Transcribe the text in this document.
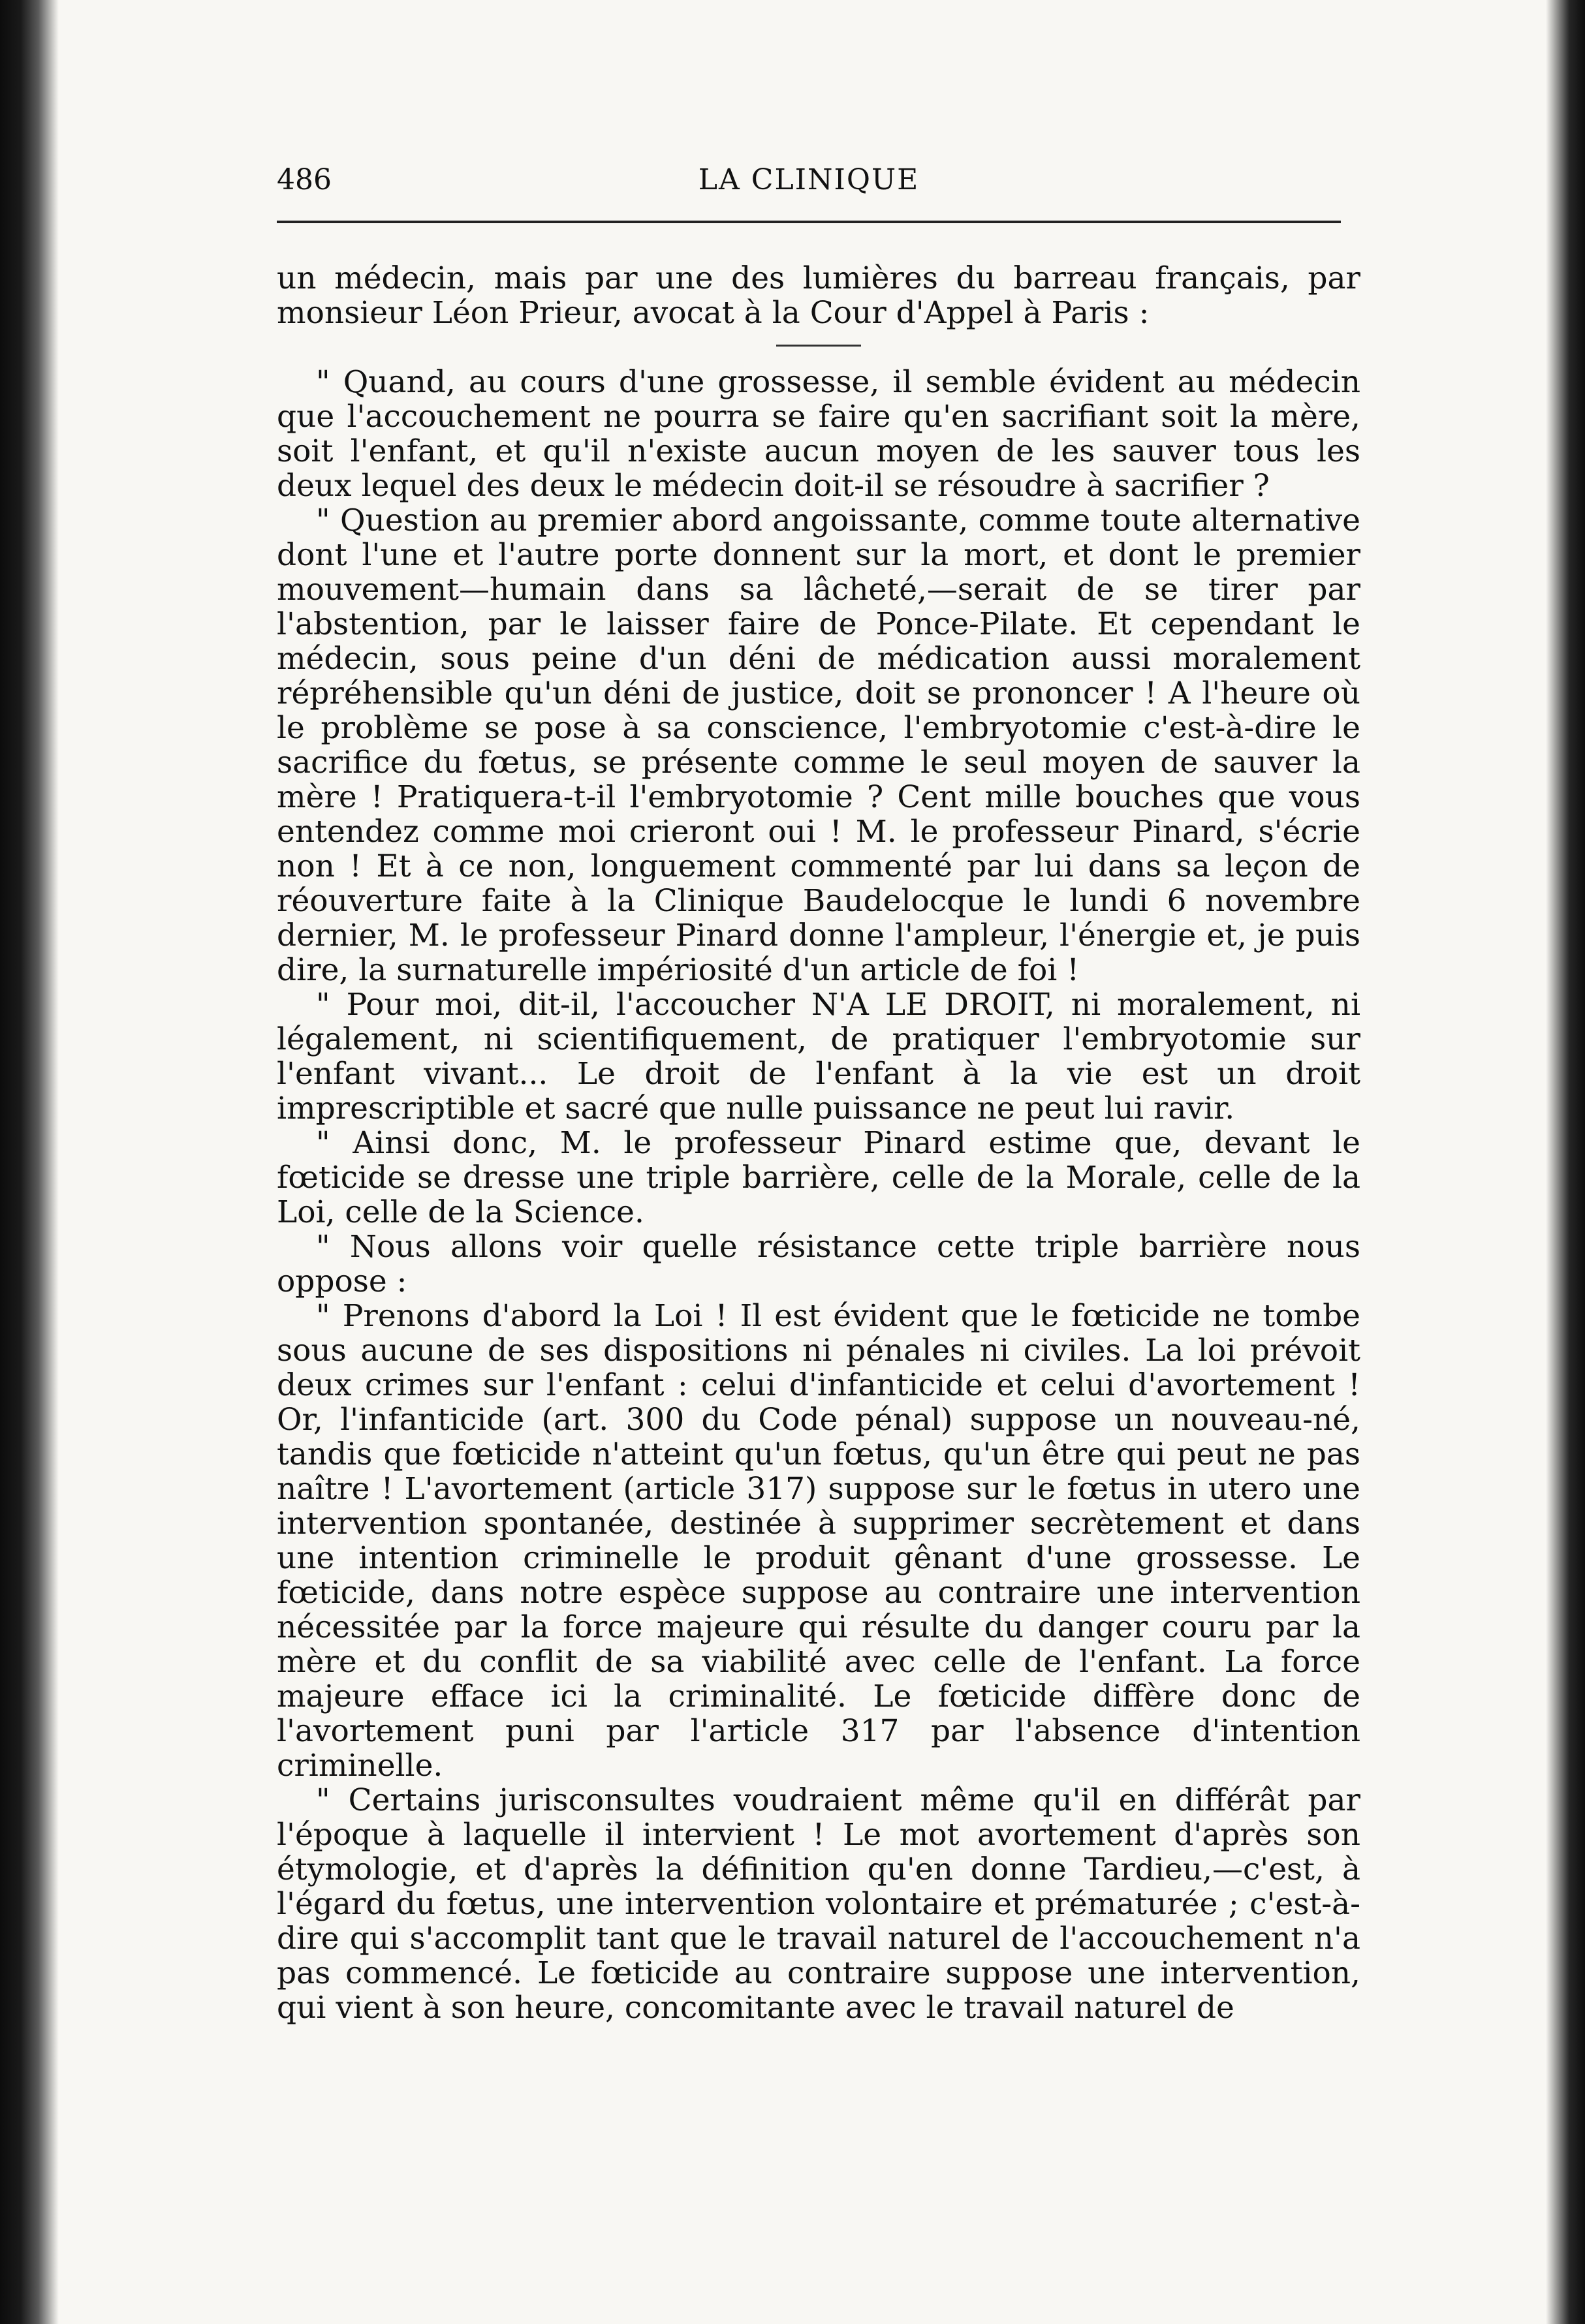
486	LA CLINIQUE

un médecin, mais par une des lumières du barreau français, par monsieur Léon Prieur, avocat à la Cour d'Appel à Paris :

" Quand, au cours d'une grossesse, il semble évident au médecin que l'accouchement ne pourra se faire qu'en sacrifiant soit la mère, soit l'enfant, et qu'il n'existe aucun moyen de les sauver tous les deux lequel des deux le médecin doit-il se résoudre à sacrifier ?

" Question au premier abord angoissante, comme toute alternative dont l'une et l'autre porte donnent sur la mort, et dont le premier mouvement—humain dans sa lâcheté,—serait de se tirer par l'abstention, par le laisser faire de Ponce-Pilate. Et cependant le médecin, sous peine d'un déni de médication aussi moralement répréhensible qu'un déni de justice, doit se prononcer ! A l'heure où le problème se pose à sa conscience, l'embryotomie c'est-à-dire le sacrifice du fœtus, se présente comme le seul moyen de sauver la mère ! Pratiquera-t-il l'embryotomie ? Cent mille bouches que vous entendez comme moi crieront oui ! M. le professeur Pinard, s'écrie non ! Et à ce non, longuement commenté par lui dans sa leçon de réouverture faite à la Clinique Baudelocque le lundi 6 novembre dernier, M. le professeur Pinard donne l'ampleur, l'énergie et, je puis dire, la surnaturelle impériosité d'un article de foi !

" Pour moi, dit-il, l'accoucher N'A LE DROIT, ni moralement, ni légalement, ni scientifiquement, de pratiquer l'embryotomie sur l'enfant vivant... Le droit de l'enfant à la vie est un droit imprescriptible et sacré que nulle puissance ne peut lui ravir.

" Ainsi donc, M. le professeur Pinard estime que, devant le fœticide se dresse une triple barrière, celle de la Morale, celle de la Loi, celle de la Science.

" Nous allons voir quelle résistance cette triple barrière nous oppose :

" Prenons d'abord la Loi ! Il est évident que le fœticide ne tombe sous aucune de ses dispositions ni pénales ni civiles. La loi prévoit deux crimes sur l'enfant : celui d'infanticide et celui d'avortement ! Or, l'infanticide (art. 300 du Code pénal) suppose un nouveau-né, tandis que fœticide n'atteint qu'un fœtus, qu'un être qui peut ne pas naître ! L'avortement (article 317) suppose sur le fœtus in utero une intervention spontanée, destinée à supprimer secrètement et dans une intention criminelle le produit gênant d'une grossesse. Le fœticide, dans notre espèce suppose au contraire une intervention nécessitée par la force majeure qui résulte du danger couru par la mère et du conflit de sa viabilité avec celle de l'enfant. La force majeure efface ici la criminalité. Le fœticide diffère donc de l'avortement puni par l'article 317 par l'absence d'intention criminelle.

" Certains jurisconsultes voudraient même qu'il en différât par l'époque à laquelle il intervient ! Le mot avortement d'après son étymologie, et d'après la définition qu'en donne Tardieu,—c'est, à l'égard du fœtus, une intervention volontaire et prématurée ; c'est-à-dire qui s'accomplit tant que le travail naturel de l'accouchement n'a pas commencé. Le fœticide au contraire suppose une intervention, qui vient à son heure, concomitante avec le travail naturel de
